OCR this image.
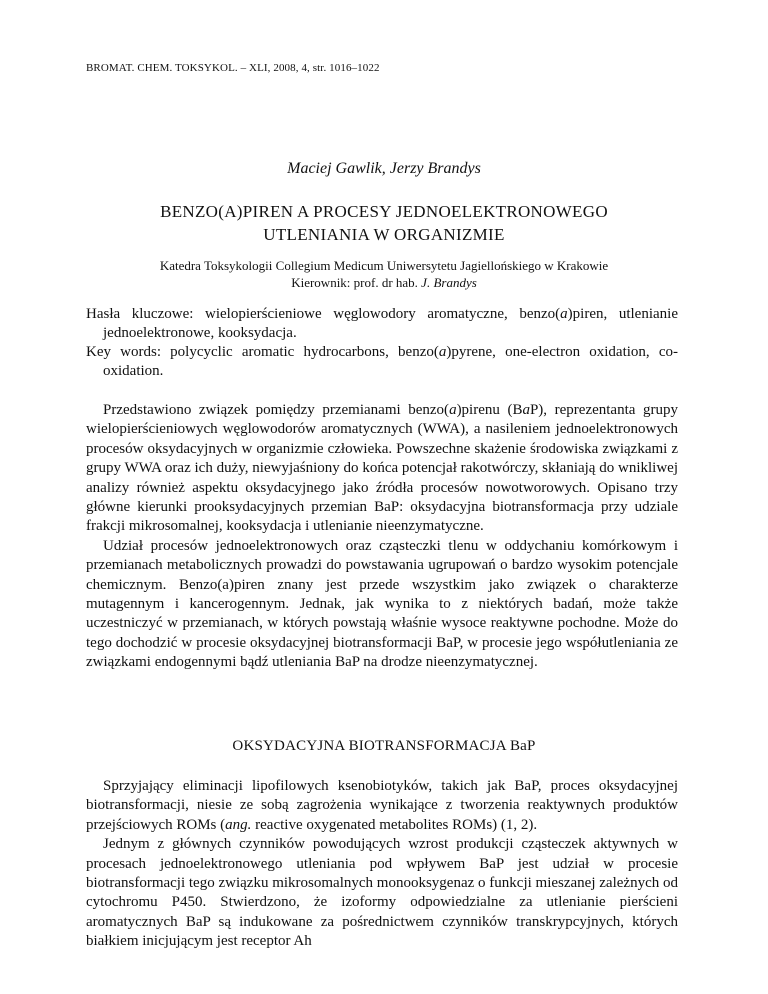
BROMAT. CHEM. TOKSYKOL. – XLI, 2008, 4, str. 1016–1022
Maciej Gawlik, Jerzy Brandys
BENZO(A)PIREN A PROCESY JEDNOELEKTRONOWEGO
UTLENIANIA W ORGANIZMIE
Katedra Toksykologii Collegium Medicum Uniwersytetu Jagiellońskiego w Krakowie
Kierownik: prof. dr hab. J. Brandys
Hasła kluczowe: wielopierścieniowe węglowodory aromatyczne, benzo(a)piren, utlenianie jednoelektronowe, kooksydacja.
Key words: polycyclic aromatic hydrocarbons, benzo(a)pyrene, one-electron oxidation, co-oxidation.

Przedstawiono związek pomiędzy przemianami benzo(a)pirenu (BaP), reprezentanta grupy wielopierścieniowych węglowodorów aromatycznych (WWA), a nasileniem jednoelektronowych procesów oksydacyjnych w organizmie człowieka. Powszechne skażenie środowiska związkami z grupy WWA oraz ich duży, niewyjaśniony do końca potencjał rakotwórczy, skłaniają do wnikliwej analizy również aspektu oksydacyjnego jako źródła procesów nowotworowych. Opisano trzy główne kierunki prooksydacyjnych przemian BaP: oksydacyjna biotransformacja przy udziale frakcji mikrosomalnej, kooksydacja i utlenianie nieenzymatyczne.

Udział procesów jednoelektronowych oraz cząsteczki tlenu w oddychaniu komórkowym i przemianach metabolicznych prowadzi do powstawania ugrupowań o bardzo wysokim potencjale chemicznym. Benzo(a)piren znany jest przede wszystkim jako związek o charakterze mutagennym i kancerogennym. Jednak, jak wynika to z niektórych badań, może także uczestniczyć w przemianach, w których powstają właśnie wysoce reaktywne pochodne. Może do tego dochodzić w procesie oksydacyjnej biotransformacji BaP, w procesie jego współutleniania ze związkami endogennymi bądź utleniania BaP na drodze nieenzymatycznej.

OKSYDACYJNA BIOTRANSFORMACJA BaP

Sprzyjający eliminacji lipofilowych ksenobiotyków, takich jak BaP, proces oksydacyjnej biotransformacji, niesie ze sobą zagrożenia wynikające z tworzenia reaktywnych produktów przejściowych ROMs (ang. reactive oxygenated metabolites ROMs) (1, 2).

Jednym z głównych czynników powodujących wzrost produkcji cząsteczek aktywnych w procesach jednoelektronowego utleniania pod wpływem BaP jest udział w procesie biotransformacji tego związku mikrosomalnych monooksygenaz o funkcji mieszanej zależnych od cytochromu P450. Stwierdzono, że izoformy odpowiedzialne za utlenianie pierścieni aromatycznych BaP są indukowane za pośrednictwem czynników transkrypcyjnych, których białkiem inicjującym jest receptor Ah
